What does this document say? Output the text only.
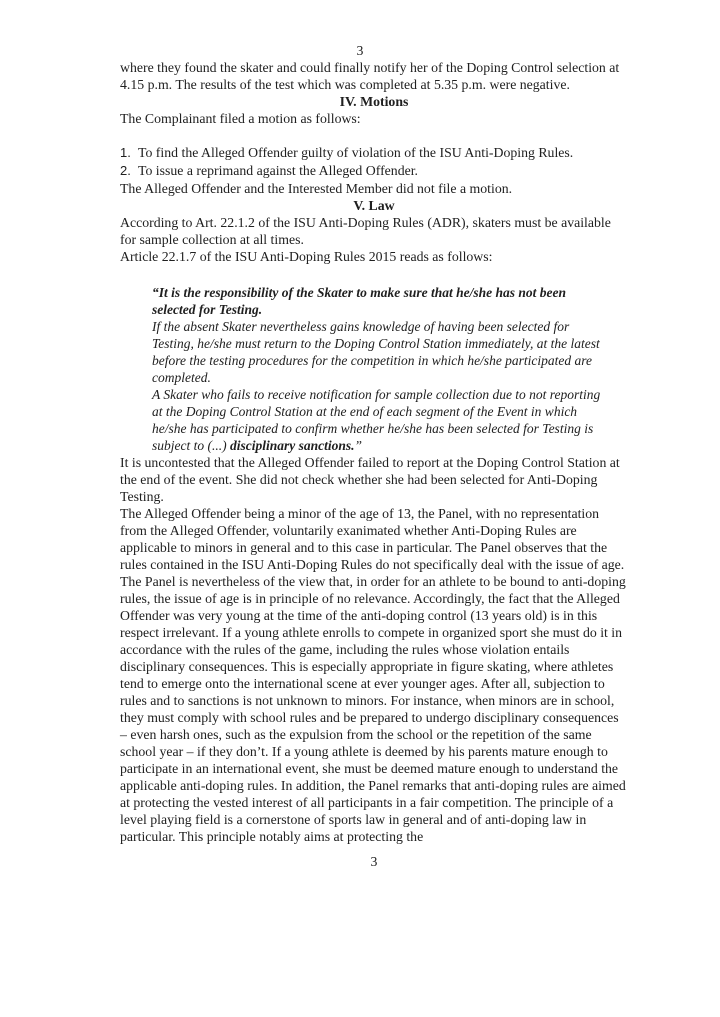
3

where they found the skater and could finally notify her of the Doping Control selection at 4.15 p.m. The results of the test which was completed at 5.35 p.m. were negative.

IV. Motions

The Complainant filed a motion as follows:

1. To find the Alleged Offender guilty of violation of the ISU Anti-Doping Rules.
2. To issue a reprimand against the Alleged Offender.

The Alleged Offender and the Interested Member did not file a motion.

V. Law

According to Art. 22.1.2 of the ISU Anti-Doping Rules (ADR), skaters must be available for sample collection at all times.

Article 22.1.7 of the ISU Anti-Doping Rules 2015 reads as follows:

“It is the responsibility of the Skater to make sure that he/she has not been selected for Testing.
If the absent Skater nevertheless gains knowledge of having been selected for Testing, he/she must return to the Doping Control Station immediately, at the latest before the testing procedures for the competition in which he/she participated are completed.
A Skater who fails to receive notification for sample collection due to not reporting at the Doping Control Station at the end of each segment of the Event in which he/she has participated to confirm whether he/she has been selected for Testing is subject to (...) disciplinary sanctions.”

It is uncontested that the Alleged Offender failed to report at the Doping Control Station at the end of the event. She did not check whether she had been selected for Anti-Doping Testing.

The Alleged Offender being a minor of the age of 13, the Panel, with no representation from the Alleged Offender, voluntarily exanimated whether Anti-Doping Rules are applicable to minors in general and to this case in particular. The Panel observes that the rules contained in the ISU Anti-Doping Rules do not specifically deal with the issue of age.

The Panel is nevertheless of the view that, in order for an athlete to be bound to anti-doping rules, the issue of age is in principle of no relevance. Accordingly, the fact that the Alleged Offender was very young at the time of the anti-doping control (13 years old) is in this respect irrelevant. If a young athlete enrolls to compete in organized sport she must do it in accordance with the rules of the game, including the rules whose violation entails disciplinary consequences. This is especially appropriate in figure skating, where athletes tend to emerge onto the international scene at ever younger ages. After all, subjection to rules and to sanctions is not unknown to minors. For instance, when minors are in school, they must comply with school rules and be prepared to undergo disciplinary consequences – even harsh ones, such as the expulsion from the school or the repetition of the same school year – if they don’t. If a young athlete is deemed by his parents mature enough to participate in an international event, she must be deemed mature enough to understand the applicable anti-doping rules. In addition, the Panel remarks that anti-doping rules are aimed at protecting the vested interest of all participants in a fair competition. The principle of a level playing field is a cornerstone of sports law in general and of anti-doping law in particular. This principle notably aims at protecting the

3
